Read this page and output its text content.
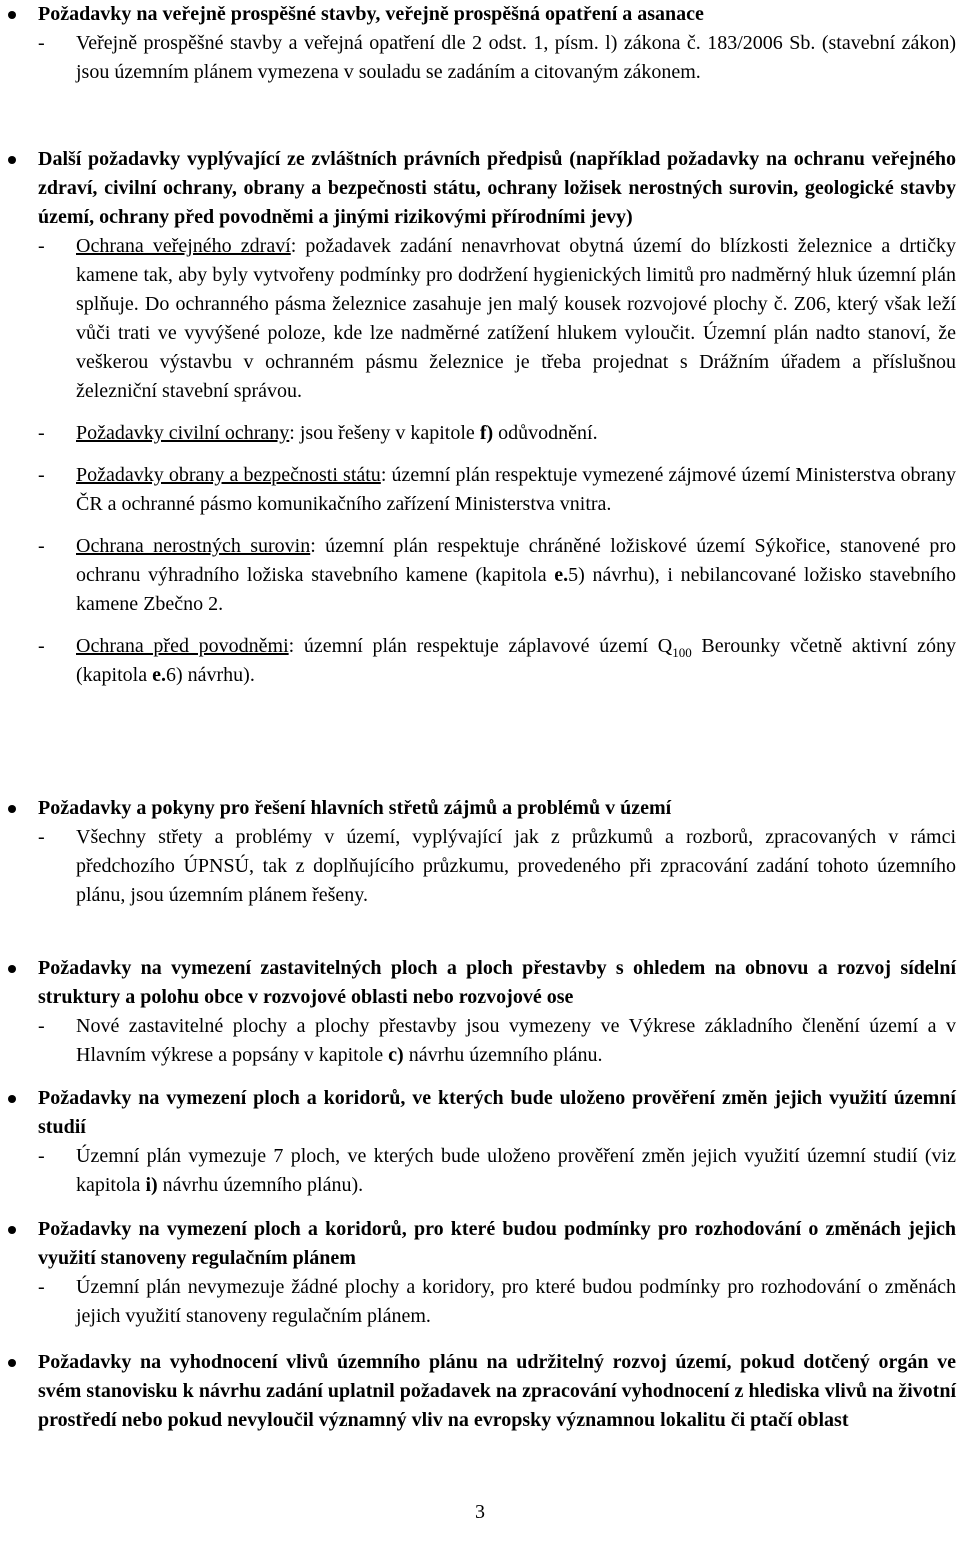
Požadavky na veřejně prospěšné stavby, veřejně prospěšná opatření a asanace
- Veřejně prospěšné stavby a veřejná opatření dle 2 odst. 1, písm. l) zákona č. 183/2006 Sb. (stavební zákon) jsou územním plánem vymezena v souladu se zadáním a citovaným zákonem.
Další požadavky vyplývající ze zvláštních právních předpisů (například požadavky na ochranu veřejného zdraví, civilní ochrany, obrany a bezpečnosti státu, ochrany ložisek nerostných surovin, geologické stavby území, ochrany před povodněmi a jinými rizikovými přírodními jevy)
- Ochrana veřejného zdraví: požadavek zadání nenavrhovat obytná území do blízkosti železnice a drtičky kamene tak, aby byly vytvořeny podmínky pro dodržení hygienických limitů pro nadměrný hluk územní plán splňuje. Do ochranného pásma železnice zasahuje jen malý kousek rozvojové plochy č. Z06, který však leží vůči trati ve vyvýšené poloze, kde lze nadměrné zatížení hlukem vyloučit. Územní plán nadto stanoví, že veškerou výstavbu v ochranném pásmu železnice je třeba projednat s Drážním úřadem a příslušnou železniční stavební správou.
- Požadavky civilní ochrany: jsou řešeny v kapitole f) odůvodnění.
- Požadavky obrany a bezpečnosti státu: územní plán respektuje vymezené zájmové území Ministerstva obrany ČR a ochranné pásmo komunikačního zařízení Ministerstva vnitra.
- Ochrana nerostných surovin: územní plán respektuje chráněné ložiskové území Sýkořice, stanovené pro ochranu výhradního ložiska stavebního kamene (kapitola e.5) návrhu), i nebilancované ložisko stavebního kamene Zbečno 2.
- Ochrana před povodněmi: územní plán respektuje záplavové území $Q_{100}$ Berounky včetně aktivní zóny (kapitola e.6) návrhu).
Požadavky a pokyny pro řešení hlavních střetů zájmů a problémů v území
- Všechny střety a problémy v území, vyplývající jak z průzkumů a rozborů, zpracovaných v rámci předchozího ÚPNSÚ, tak z doplňujícího průzkumu, provedeného při zpracování zadání tohoto územního plánu, jsou územním plánem řešeny.
Požadavky na vymezení zastavitelných ploch a ploch přestavby s ohledem na obnovu a rozvoj sídelní struktury a polohu obce v rozvojové oblasti nebo rozvojové ose
- Nové zastavitelné plochy a plochy přestavby jsou vymezeny ve Výkrese základního členění území a v Hlavním výkrese a popsány v kapitole c) návrhu územního plánu.
Požadavky na vymezení ploch a koridorů, ve kterých bude uloženo prověření změn jejich využití územní studií
- Územní plán vymezuje 7 ploch, ve kterých bude uloženo prověření změn jejich využití územní studií (viz kapitola i) návrhu územního plánu).
Požadavky na vymezení ploch a koridorů, pro které budou podmínky pro rozhodování o změnách jejich využití stanoveny regulačním plánem
- Územní plán nevymezuje žádné plochy a koridory, pro které budou podmínky pro rozhodování o změnách jejich využití stanoveny regulačním plánem.
Požadavky na vyhodnocení vlivů územního plánu na udržitelný rozvoj území, pokud dotčený orgán ve svém stanovisku k návrhu zadání uplatnil požadavek na zpracování vyhodnocení z hlediska vlivů na životní prostředí nebo pokud nevyloučil významný vliv na evropsky významnou lokalitu či ptačí oblast
3
